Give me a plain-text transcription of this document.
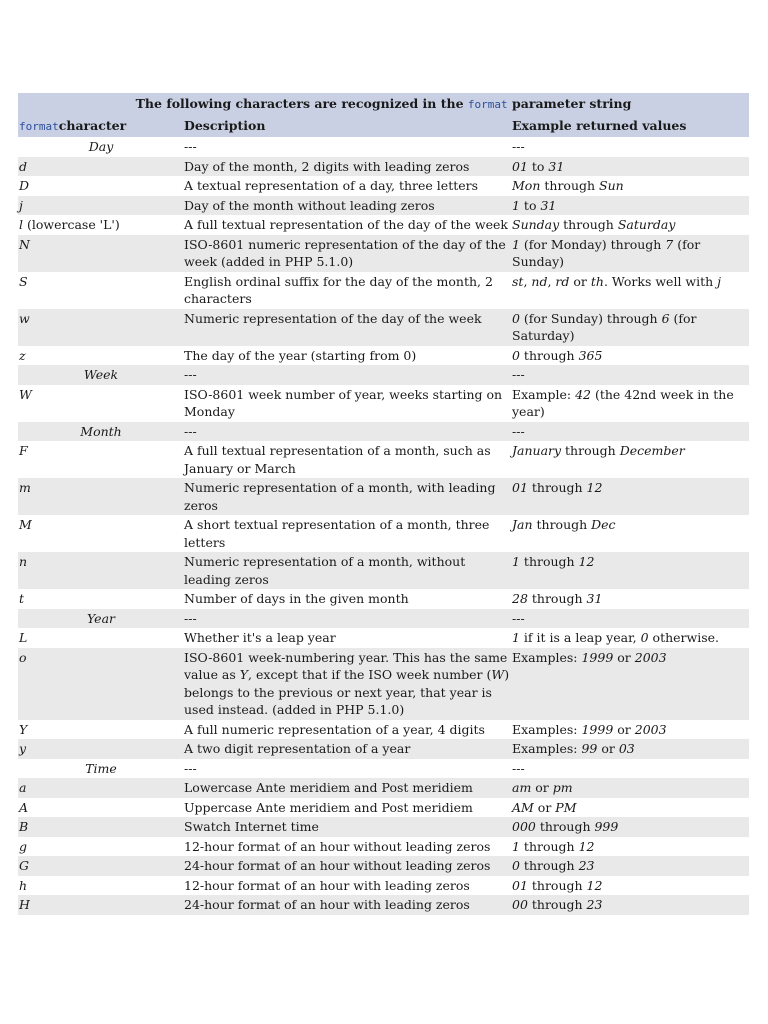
The following characters are recognized in the format parameter string		
formatcharacter	Description	Example returned values
Day	---	---
d	Day of the month, 2 digits with leading zeros	01 to 31
D	A textual representation of a day, three letters	Mon through Sun
j	Day of the month without leading zeros	1 to 31
l (lowercase 'L')	A full textual representation of the day of the week	Sunday through Saturday
N	ISO-8601 numeric representation of the day of the week (added in PHP 5.1.0)	1 (for Monday) through 7 (for Sunday)
S	English ordinal suffix for the day of the month, 2 characters	st, nd, rd or th. Works well with j
w	Numeric representation of the day of the week	0 (for Sunday) through 6 (for Saturday)
z	The day of the year (starting from 0)	0 through 365
Week	---	---
W	ISO-8601 week number of year, weeks starting on Monday	Example: 42 (the 42nd week in the year)
Month	---	---
F	A full textual representation of a month, such as January or March	January through December
m	Numeric representation of a month, with leading zeros	01 through 12
M	A short textual representation of a month, three letters	Jan through Dec
n	Numeric representation of a month, without leading zeros	1 through 12
t	Number of days in the given month	28 through 31
Year	---	---
L	Whether it's a leap year	1 if it is a leap year, 0 otherwise.
o	ISO-8601 week-numbering year. This has the same value as Y, except that if the ISO week number (W) belongs to the previous or next year, that year is used instead. (added in PHP 5.1.0)	Examples: 1999 or 2003
Y	A full numeric representation of a year, 4 digits	Examples: 1999 or 2003
y	A two digit representation of a year	Examples: 99 or 03
Time	---	---
a	Lowercase Ante meridiem and Post meridiem	am or pm
A	Uppercase Ante meridiem and Post meridiem	AM or PM
B	Swatch Internet time	000 through 999
g	12-hour format of an hour without leading zeros	1 through 12
G	24-hour format of an hour without leading zeros	0 through 23
h	12-hour format of an hour with leading zeros	01 through 12
H	24-hour format of an hour with leading zeros	00 through 23
